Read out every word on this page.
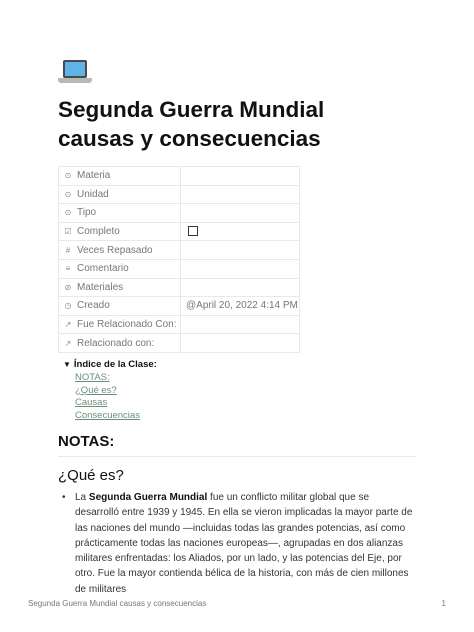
Segunda Guerra Mundial
causas y consecuencias
⊙ Materia	
⊙ Unidad	
⊙ Tipo	
☑ Completo	
# Veces Repasado	
≡ Comentario	
⊘ Materiales	
◷ Creado	@April 20, 2022 4:14 PM
↗ Fue Relacionado Con:	
↗ Relacionado con:	
▼ Índice de la Clase:
NOTAS:
¿Qué es?
Causas
Consecuencias
NOTAS:
¿Qué es?
• La Segunda Guerra Mundial fue un conflicto militar global que se desarrolló entre 1939 y 1945. En ella se vieron implicadas la mayor parte de las naciones del mundo —incluidas todas las grandes potencias, así como prácticamente todas las naciones europeas—, agrupadas en dos alianzas militares enfrentadas: los Aliados, por un lado, y las potencias del Eje, por otro. Fue la mayor contienda bélica de la historia, con más de cien millones de militares

Segunda Guerra Mundial causas y consecuencias	1
